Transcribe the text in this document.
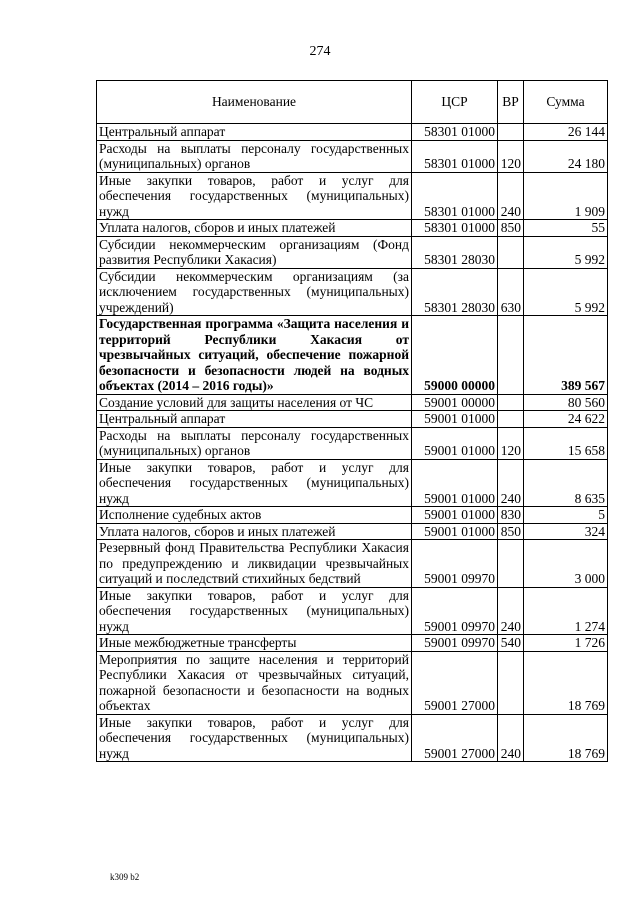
274
Наименование	ЦСР	ВР	Сумма
Центральный аппарат	58301 01000		26 144
Расходы на выплаты персоналу государственных (муниципальных) органов	58301 01000	120	24 180
Иные закупки товаров, работ и услуг для обеспечения государственных (муниципальных) нужд	58301 01000	240	1 909
Уплата налогов, сборов и иных платежей	58301 01000	850	55
Субсидии некоммерческим организациям (Фонд развития Республики Хакасия)	58301 28030		5 992
Субсидии некоммерческим организациям (за исключением государственных (муниципальных) учреждений)	58301 28030	630	5 992
Государственная программа «Защита населения и территорий Республики Хакасия от чрезвычайных ситуаций, обеспечение пожарной безопасности и безопасности людей на водных объектах (2014 – 2016 годы)»	59000 00000		389 567
Создание условий для защиты населения от ЧС	59001 00000		80 560
Центральный аппарат	59001 01000		24 622
Расходы на выплаты персоналу государственных (муниципальных) органов	59001 01000	120	15 658
Иные закупки товаров, работ и услуг для обеспечения государственных (муниципальных) нужд	59001 01000	240	8 635
Исполнение судебных актов	59001 01000	830	5
Уплата налогов, сборов и иных платежей	59001 01000	850	324
Резервный фонд Правительства Республики Хакасия по предупреждению и ликвидации чрезвычайных ситуаций и последствий стихийных бедствий	59001 09970		3 000
Иные закупки товаров, работ и услуг для обеспечения государственных (муниципальных) нужд	59001 09970	240	1 274
Иные межбюджетные трансферты	59001 09970	540	1 726
Мероприятия по защите населения и территорий Республики Хакасия от чрезвычайных ситуаций, пожарной безопасности и безопасности на водных объектах	59001 27000		18 769
Иные закупки товаров, работ и услуг для обеспечения государственных (муниципальных) нужд	59001 27000	240	18 769
k309 b2
